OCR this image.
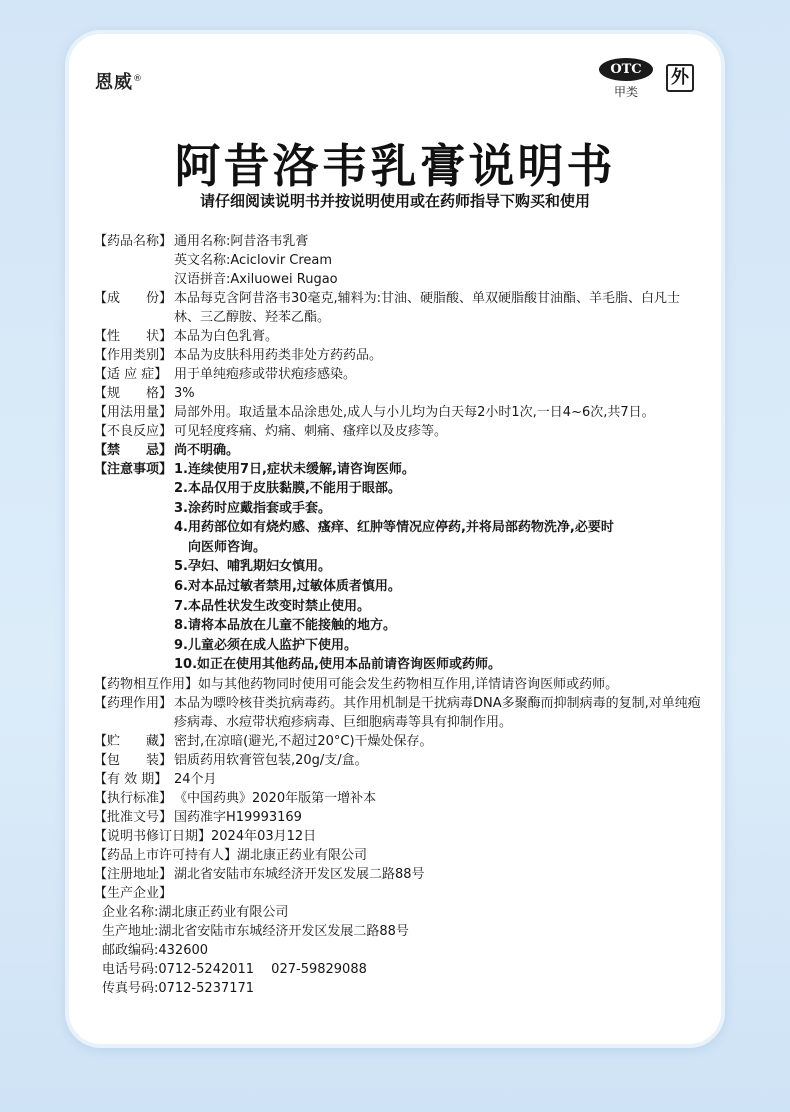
恩威®
OTC
甲类
外
阿昔洛韦乳膏说明书
请仔细阅读说明书并按说明使用或在药师指导下购买和使用
【药品名称】 通用名称:阿昔洛韦乳膏
英文名称:Aciclovir Cream
汉语拼音:Axiluowei Rugao
【成　　份】 本品每克含阿昔洛韦30毫克,辅料为:甘油、硬脂酸、单双硬脂酸甘油酯、羊毛脂、白凡士林、三乙醇胺、羟苯乙酯。
【性　　状】 本品为白色乳膏。
【作用类别】 本品为皮肤科用药类非处方药药品。
【适 应 症】 用于单纯疱疹或带状疱疹感染。
【规　　格】 3%
【用法用量】 局部外用。取适量本品涂患处,成人与小儿均为白天每2小时1次,一日4~6次,共7日。
【不良反应】 可见轻度疼痛、灼痛、刺痛、瘙痒以及皮疹等。
【禁　　忌】 尚不明确。
【注意事项】 1.连续使用7日,症状未缓解,请咨询医师。
2.本品仅用于皮肤黏膜,不能用于眼部。
3.涂药时应戴指套或手套。
4.用药部位如有烧灼感、瘙痒、红肿等情况应停药,并将局部药物洗净,必要时
向医师咨询。
5.孕妇、哺乳期妇女慎用。
6.对本品过敏者禁用,过敏体质者慎用。
7.本品性状发生改变时禁止使用。
8.请将本品放在儿童不能接触的地方。
9.儿童必须在成人监护下使用。
10.如正在使用其他药品,使用本品前请咨询医师或药师。
【药物相互作用】 如与其他药物同时使用可能会发生药物相互作用,详情请咨询医师或药师。
【药理作用】 本品为嘌呤核苷类抗病毒药。其作用机制是干扰病毒DNA多聚酶而抑制病毒的复制,对单纯疱疹病毒、水痘带状疱疹病毒、巨细胞病毒等具有抑制作用。
【贮　　藏】 密封,在凉暗(避光,不超过20°C)干燥处保存。
【包　　装】 铝质药用软膏管包装,20g/支/盒。
【有 效 期】 24个月
【执行标准】 《中国药典》2020年版第一增补本
【批准文号】 国药准字H19993169
【说明书修订日期】 2024年03月12日
【药品上市许可持有人】 湖北康正药业有限公司
【注册地址】 湖北省安陆市东城经济开发区发展二路88号
【生产企业】
企业名称:湖北康正药业有限公司
生产地址:湖北省安陆市东城经济开发区发展二路88号
邮政编码:432600
电话号码:0712-5242011　 027-59829088
传真号码:0712-5237171
